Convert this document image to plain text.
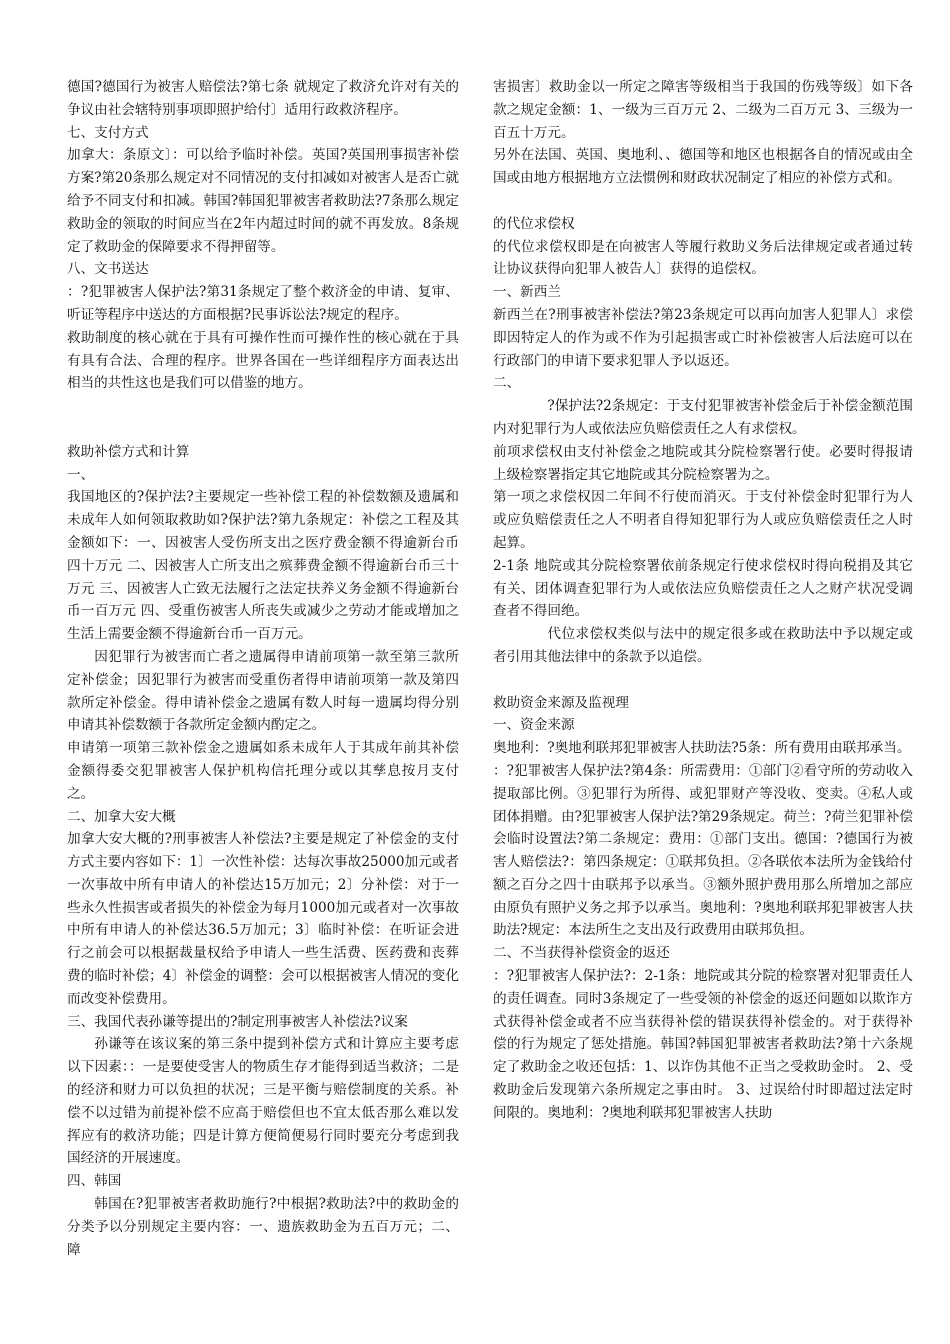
德国?德国行为被害人赔偿法?第七条 就规定了救济允许对有关的争议由社会辖特别事项即照护给付〕适用行政救济程序。

七、支付方式

加拿大：条原文〕：可以给予临时补偿。英国?英国刑事损害补偿方案?第20条那么规定对不同情况的支付扣减如对被害人是否亡就给予不同支付和扣减。韩国?韩国犯罪被害者救助法?7条那么规定救助金的领取的时间应当在2年内超过时间的就不再发放。8条规定了救助金的保障要求不得押留等。

八、文书送达

：?犯罪被害人保护法?第31条规定了整个救济金的申请、复审、听证等程序中送达的方面根据?民事诉讼法?规定的程序。

救助制度的核心就在于具有可操作性而可操作性的核心就在于具有具有合法、合理的程序。世界各国在一些详细程序方面表达出相当的共性这也是我们可以借鉴的地方。

救助补偿方式和计算

一、

我国地区的?保护法?主要规定一些补偿工程的补偿数额及遗属和未成年人如何领取救助如?保护法?第九条规定：补偿之工程及其金额如下：一、因被害人受伤所支出之医疗费金额不得逾新台币四十万元 二、因被害人亡所支出之殡葬费金额不得逾新台币三十万元 三、因被害人亡致无法履行之法定扶养义务金额不得逾新台币一百万元 四、受重伤被害人所丧失或减少之劳动才能或增加之生活上需要金额不得逾新台币一百万元。

因犯罪行为被害而亡者之遗属得申请前项第一款至第三款所定补偿金；因犯罪行为被害而受重伤者得申请前项第一款及第四款所定补偿金。得申请补偿金之遗属有数人时每一遗属均得分别申请其补偿数额于各款所定金额内酌定之。

申请第一项第三款补偿金之遗属如系未成年人于其成年前其补偿金额得委交犯罪被害人保护机构信托理分或以其孳息按月支付之。

二、加拿大安大概

加拿大安大概的?刑事被害人补偿法?主要是规定了补偿金的支付方式主要内容如下：1〕一次性补偿：达每次事故25000加元或者一次事故中所有申请人的补偿达15万加元；2〕分补偿：对于一些永久性损害或者损失的补偿金为每月1000加元或者对一次事故中所有申请人的补偿达36.5万加元；3〕临时补偿：在听证会进行之前会可以根据裁量权给予申请人一些生活费、医药费和丧葬费的临时补偿；4〕补偿金的调整：会可以根据被害人情况的变化而改变补偿费用。

三、我国代表孙谦等提出的?制定刑事被害人补偿法?议案

孙谦等在该议案的第三条中提到补偿方式和计算应主要考虑以下因素：：一是要使受害人的物质生存才能得到适当救济；二是的经济和财力可以负担的状况；三是平衡与赔偿制度的关系。补偿不以过错为前提补偿不应高于赔偿但也不宜太低否那么难以发挥应有的救济功能；四是计算方便简便易行同时要充分考虑到我国经济的开展速度。

四、韩国

韩国在?犯罪被害者救助施行?中根据?救助法?中的救助金的分类予以分别规定主要内容：一、遗族救助金为五百万元；二、障

害损害〕救助金以一所定之障害等级相当于我国的伤残等级〕如下各款之规定金额：1、一级为三百万元 2、二级为二百万元 3、三级为一百五十万元。

另外在法国、英国、奥地利、、德国等和地区也根据各自的情况或由全国或由地方根据地方立法惯例和财政状况制定了相应的补偿方式和。

的代位求偿权

的代位求偿权即是在向被害人等履行救助义务后法律规定或者通过转让协议获得向犯罪人被告人〕获得的追偿权。

一、新西兰

新西兰在?刑事被害补偿法?第23条规定可以再向加害人犯罪人〕求偿即因特定人的作为或不作为引起损害或亡时补偿被害人后法庭可以在行政部门的申请下要求犯罪人予以返还。

二、

?保护法?2条规定：于支付犯罪被害补偿金后于补偿金额范围内对犯罪行为人或依法应负赔偿责任之人有求偿权。

前项求偿权由支付补偿金之地院或其分院检察署行使。必要时得报请上级检察署指定其它地院或其分院检察署为之。

第一项之求偿权因二年间不行使而消灭。于支付补偿金时犯罪行为人或应负赔偿责任之人不明者自得知犯罪行为人或应负赔偿责任之人时起算。

2-1条 地院或其分院检察署依前条规定行使求偿权时得向税捐及其它有关、团体调查犯罪行为人或依法应负赔偿责任之人之财产状况受调查者不得回绝。

代位求偿权类似与法中的规定很多或在救助法中予以规定或者引用其他法律中的条款予以追偿。

救助资金来源及监视理

一、资金来源

奥地利：?奥地利联邦犯罪被害人扶助法?5条：所有费用由联邦承当。

：?犯罪被害人保护法?第4条：所需费用：①部门②看守所的劳动收入提取部比例。③犯罪行为所得、或犯罪财产等没收、变卖。④私人或团体捐赠。由?犯罪被害人保护法?第29条规定。荷兰：?荷兰犯罪补偿会临时设置法?第二条规定：费用：①部门支出。德国：?德国行为被害人赔偿法?：第四条规定：①联邦负担。②各联依本法所为金钱给付额之百分之四十由联邦予以承当。③额外照护费用那么所增加之部应由原负有照护义务之邦予以承当。奥地利：?奥地利联邦犯罪被害人扶助法?规定：本法所生之支出及行政费用由联邦负担。

二、不当获得补偿资金的返还

：?犯罪被害人保护法?：2-1条：地院或其分院的检察署对犯罪责任人的责任调查。同时3条规定了一些受领的补偿金的返还问题如以欺诈方式获得补偿金或者不应当获得补偿的错误获得补偿金的。对于获得补偿的行为规定了惩处措施。韩国?韩国犯罪被害者救助法?第十六条规定了救助金之收还包括：1、以诈伪其他不正当之受救助金时。 2、受救助金后发现第六条所规定之事由时。 3、过误给付时即超过法定时间限的。奥地利：?奥地利联邦犯罪被害人扶助
